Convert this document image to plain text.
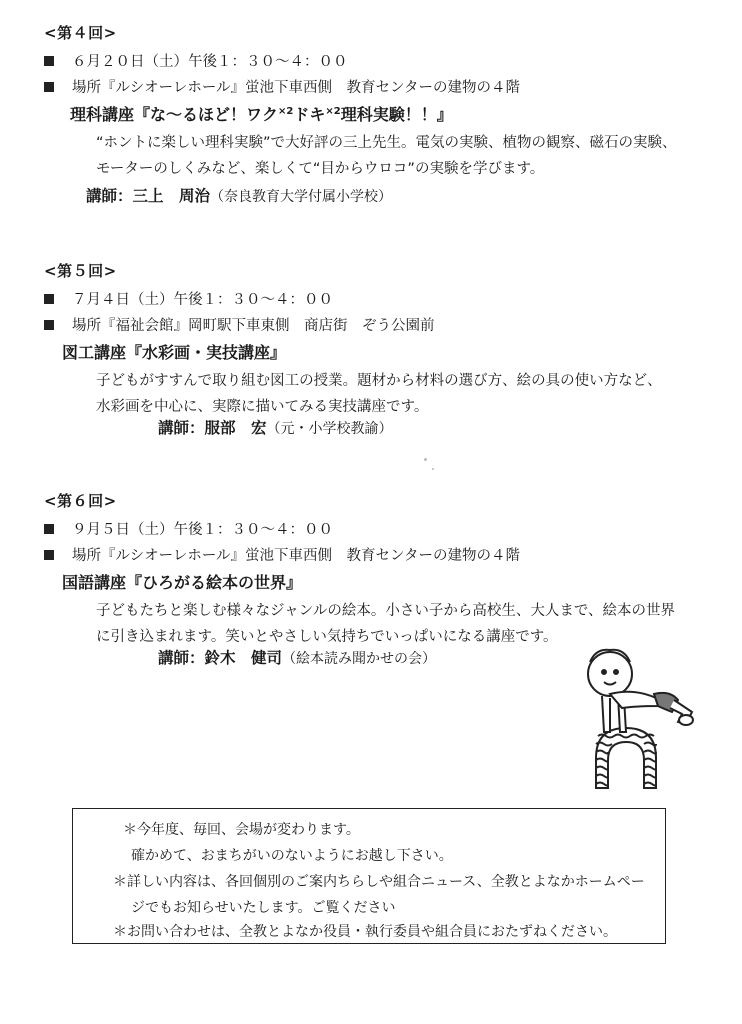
<第４回>
６月２０日（土）午後１：３０〜４：００
場所『ルシオーレホール』蛍池下車西側　教育センターの建物の４階
理科講座『な〜るほど！ワク$^{\times 2}$ドキ$^{\times 2}$理科実験！！』
“ホントに楽しい理科実験”で大好評の三上先生。電気の実験、植物の観察、磁石の実験、
モーターのしくみなど、楽しくて“目からウロコ”の実験を学びます。
講師：三上　周治（奈良教育大学付属小学校）
<第５回>
７月４日（土）午後１：３０〜４：００
場所『福祉会館』岡町駅下車東側　商店街　ぞう公園前
図工講座『水彩画・実技講座』
子どもがすすんで取り組む図工の授業。題材から材料の選び方、絵の具の使い方など、
水彩画を中心に、実際に描いてみる実技講座です。
講師：服部　宏（元・小学校教諭）
<第６回>
９月５日（土）午後１：３０〜４：００
場所『ルシオーレホール』蛍池下車西側　教育センターの建物の４階
国語講座『ひろがる絵本の世界』
子どもたちと楽しむ様々なジャンルの絵本。小さい子から高校生、大人まで、絵本の世界
に引き込まれます。笑いとやさしい気持ちでいっぱいになる講座です。
講師：鈴木　健司（絵本読み聞かせの会）
＊今年度、毎回、会場が変わります。
確かめて、おまちがいのないようにお越し下さい。
＊詳しい内容は、各回個別のご案内ちらしや組合ニュース、全教とよなかホームペー
ジでもお知らせいたします。ご覧ください
＊お問い合わせは、全教とよなか役員・執行委員や組合員におたずねください。
